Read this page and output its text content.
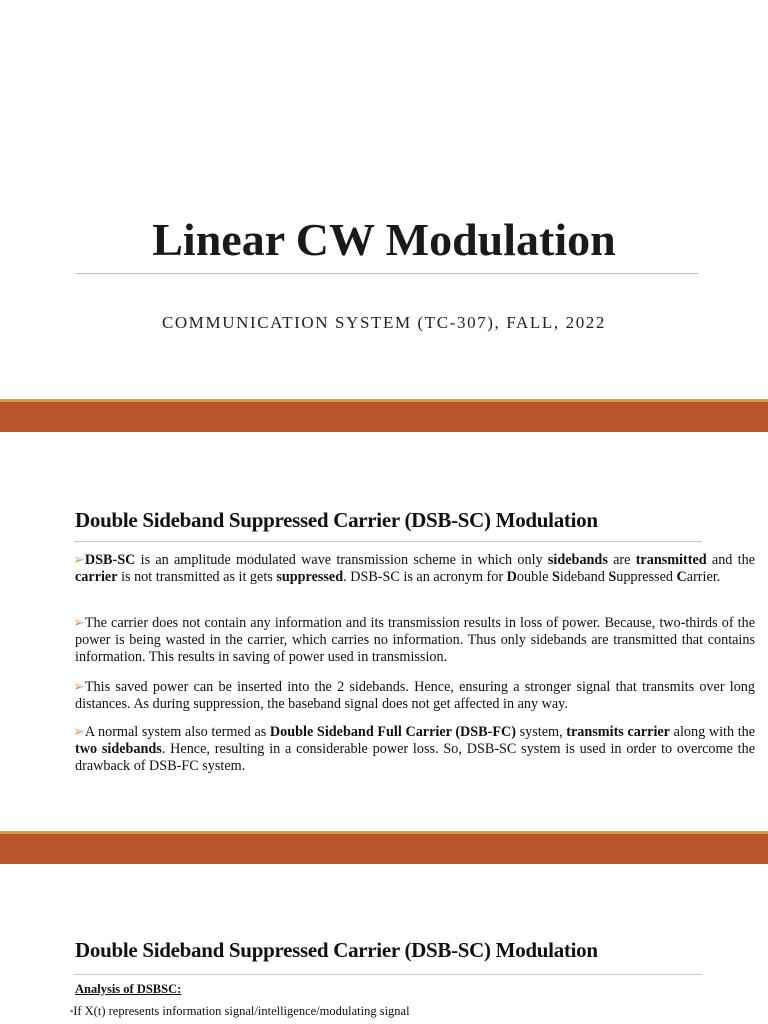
Linear CW Modulation
COMMUNICATION SYSTEM (TC-307), FALL, 2022
Double Sideband Suppressed Carrier (DSB-SC) Modulation
➢DSB-SC is an amplitude modulated wave transmission scheme in which only sidebands are transmitted and the carrier is not transmitted as it gets suppressed. DSB-SC is an acronym for Double Sideband Suppressed Carrier.
➢The carrier does not contain any information and its transmission results in loss of power. Because, two-thirds of the power is being wasted in the carrier, which carries no information. Thus only sidebands are transmitted that contains information. This results in saving of power used in transmission.
➢This saved power can be inserted into the 2 sidebands. Hence, ensuring a stronger signal that transmits over long distances. As during suppression, the baseband signal does not get affected in any way.
➢A normal system also termed as Double Sideband Full Carrier (DSB-FC) system, transmits carrier along with the two sidebands. Hence, resulting in a considerable power loss. So, DSB-SC system is used in order to overcome the drawback of DSB-FC system.
Double Sideband Suppressed Carrier (DSB-SC) Modulation
Analysis of DSBSC:
▪If X(t) represents information signal/intelligence/modulating signal
